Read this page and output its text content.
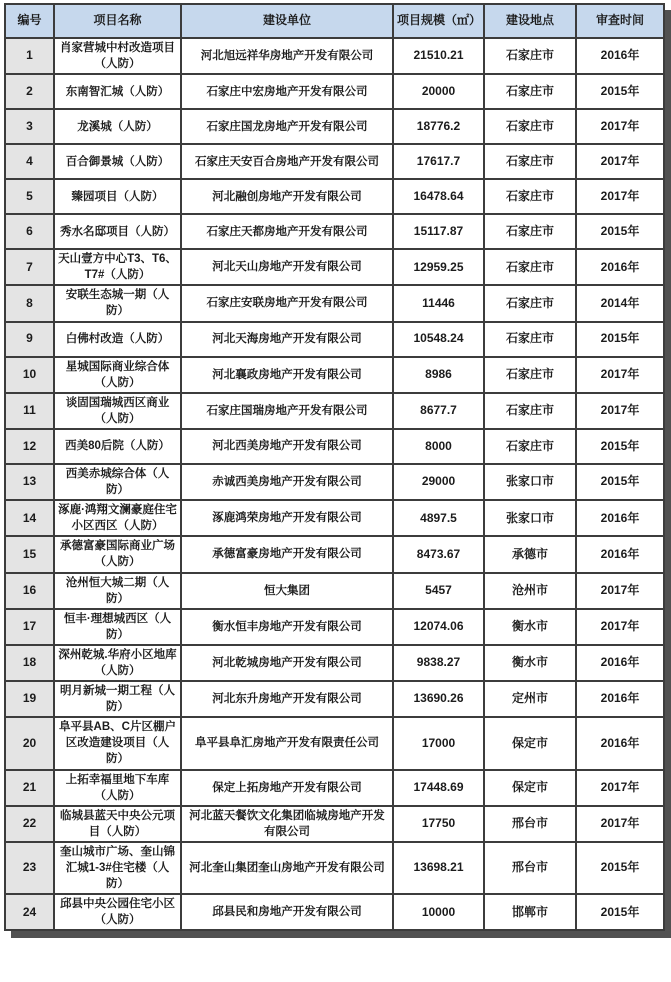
编号	项目名称	建设单位	项目规模（㎡）	建设地点	审查时间
1	肖家营城中村改造项目（人防）	河北旭远祥华房地产开发有限公司	21510.21	石家庄市	2016年
2	东南智汇城（人防）	石家庄中宏房地产开发有限公司	20000	石家庄市	2015年
3	龙溪城（人防）	石家庄国龙房地产开发有限公司	18776.2	石家庄市	2017年
4	百合御景城（人防）	石家庄天安百合房地产开发有限公司	17617.7	石家庄市	2017年
5	臻园项目（人防）	河北融创房地产开发有限公司	16478.64	石家庄市	2017年
6	秀水名邸项目（人防）	石家庄天都房地产开发有限公司	15117.87	石家庄市	2015年
7	天山壹方中心T3、T6、T7#（人防）	河北天山房地产开发有限公司	12959.25	石家庄市	2016年
8	安联生态城一期（人防）	石家庄安联房地产开发有限公司	11446	石家庄市	2014年
9	白佛村改造（人防）	河北天海房地产开发有限公司	10548.24	石家庄市	2015年
10	星城国际商业综合体（人防）	河北襄政房地产开发有限公司	8986	石家庄市	2017年
11	谈固国瑞城西区商业（人防）	石家庄国瑞房地产开发有限公司	8677.7	石家庄市	2017年
12	西美80后院（人防）	河北西美房地产开发有限公司	8000	石家庄市	2015年
13	西美赤城综合体（人防）	赤诚西美房地产开发有限公司	29000	张家口市	2015年
14	涿鹿·鸿翔文澜豪庭住宅小区西区（人防）	涿鹿鸿荣房地产开发有限公司	4897.5	张家口市	2016年
15	承德富豪国际商业广场（人防）	承德富豪房地产开发有限公司	8473.67	承德市	2016年
16	沧州恒大城二期（人防）	恒大集团	5457	沧州市	2017年
17	恒丰·理想城西区（人防）	衡水恒丰房地产开发有限公司	12074.06	衡水市	2017年
18	深州乾城.华府小区地库（人防）	河北乾城房地产开发有限公司	9838.27	衡水市	2016年
19	明月新城一期工程（人防）	河北东升房地产开发有限公司	13690.26	定州市	2016年
20	阜平县AB、C片区棚户区改造建设项目（人防）	阜平县阜汇房地产开发有限责任公司	17000	保定市	2016年
21	上拓幸福里地下车库（人防）	保定上拓房地产开发有限公司	17448.69	保定市	2017年
22	临城县蓝天中央公元项目（人防）	河北蓝天餐饮文化集团临城房地产开发有限公司	17750	邢台市	2017年
23	奎山城市广场、奎山锦汇城1-3#住宅楼（人防）	河北奎山集团奎山房地产开发有限公司	13698.21	邢台市	2015年
24	邱县中央公园住宅小区（人防）	邱县民和房地产开发有限公司	10000	邯郸市	2015年
